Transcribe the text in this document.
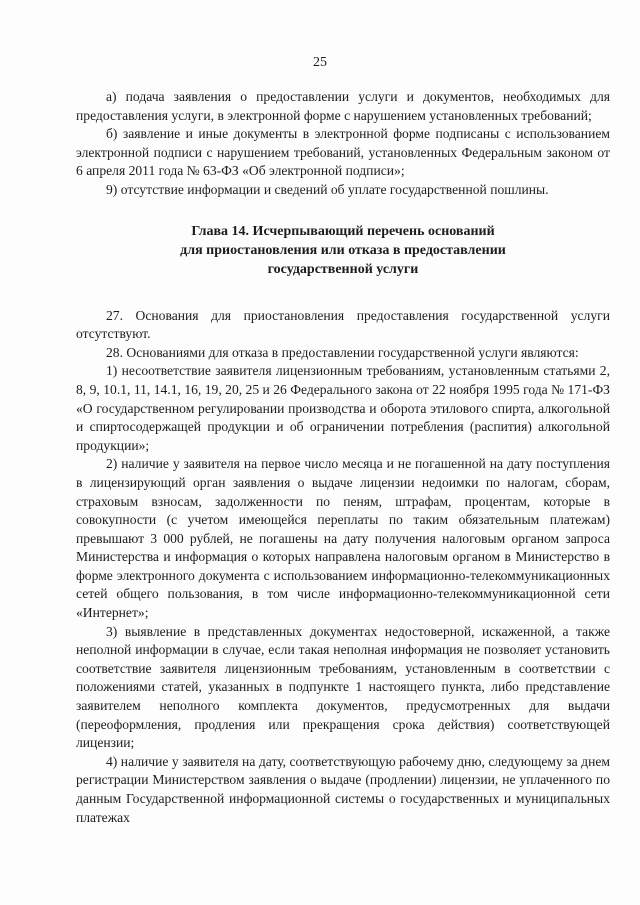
25

а) подача заявления о предоставлении услуги и документов, необходимых для предоставления услуги, в электронной форме с нарушением установленных требований;

б) заявление и иные документы в электронной форме подписаны с использованием электронной подписи с нарушением требований, установленных Федеральным законом от 6 апреля 2011 года № 63-ФЗ «Об электронной подписи»;

9) отсутствие информации и сведений об уплате государственной пошлины.

Глава 14. Исчерпывающий перечень оснований
для приостановления или отказа в предоставлении
государственной услуги

27. Основания для приостановления предоставления государственной услуги отсутствуют.

28. Основаниями для отказа в предоставлении государственной услуги являются:

1) несоответствие заявителя лицензионным требованиям, установленным статьями 2, 8, 9, 10.1, 11, 14.1, 16, 19, 20, 25 и 26 Федерального закона от 22 ноября 1995 года № 171-ФЗ «О государственном регулировании производства и оборота этилового спирта, алкогольной и спиртосодержащей продукции и об ограничении потребления (распития) алкогольной продукции»;

2) наличие у заявителя на первое число месяца и не погашенной на дату поступления в лицензирующий орган заявления о выдаче лицензии недоимки по налогам, сборам, страховым взносам, задолженности по пеням, штрафам, процентам, которые в совокупности (с учетом имеющейся переплаты по таким обязательным платежам) превышают 3 000 рублей, не погашены на дату получения налоговым органом запроса Министерства и информация о которых направлена налоговым органом в Министерство в форме электронного документа с использованием информационно-телекоммуникационных сетей общего пользования, в том числе информационно-телекоммуникационной сети «Интернет»;

3) выявление в представленных документах недостоверной, искаженной, а также неполной информации в случае, если такая неполная информация не позволяет установить соответствие заявителя лицензионным требованиям, установленным в соответствии с положениями статей, указанных в подпункте 1 настоящего пункта, либо представление заявителем неполного комплекта документов, предусмотренных для выдачи (переоформления, продления или прекращения срока действия) соответствующей лицензии;

4) наличие у заявителя на дату, соответствующую рабочему дню, следующему за днем регистрации Министерством заявления о выдаче (продлении) лицензии, не уплаченного по данным Государственной информационной системы о государственных и муниципальных платежах
